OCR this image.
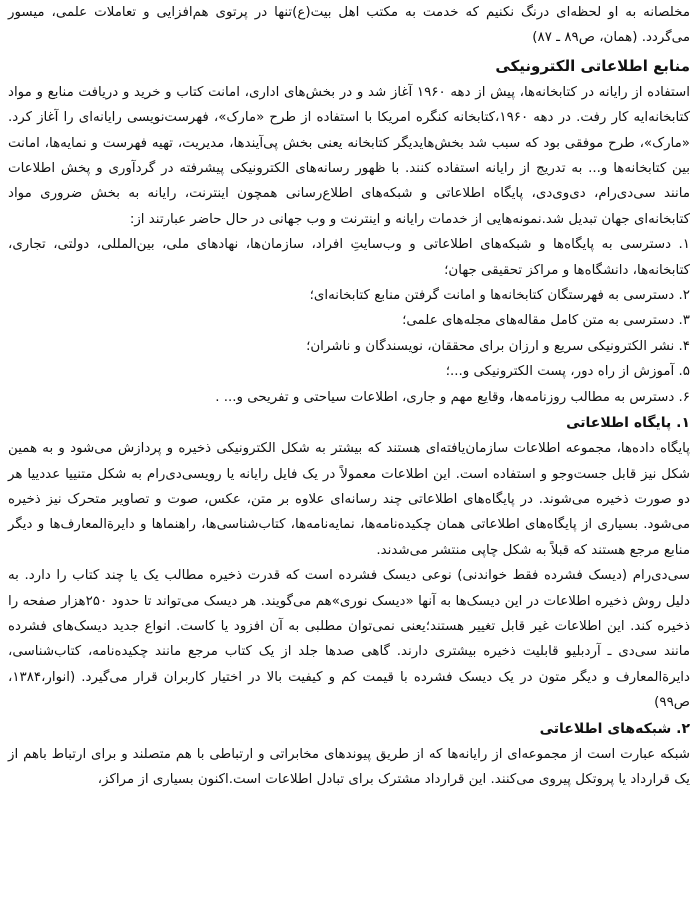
مخلصانه به او لحظه‌ای درنگ نکنیم که خدمت به مکتب اهل بیت(ع)تنها در پرتوی هم‌افزایی و تعاملات علمی، میسور می‌گردد. (همان، ص۸۹ ـ ۸۷)

منابع اطلاعاتی الکترونیکی

استفاده از رایانه در کتابخانه‌ها، پیش از دهه ۱۹۶۰ آغاز شد و در بخش‌های اداری، امانت کتاب و خرید و دریافت منابع و مواد کتابخانه‌ایه کار رفت. در دهه ۱۹۶۰،کتابخانه کنگره امریکا با استفاده از طرح «مارک»، فهرست‌نویسی رایانه‌ای را آغاز کرد. «مارک»، طرح موفقی بود که سبب شد بخش‌هایدیگر کتابخانه یعنی بخش پی‌آیندها، مدیریت، تهیه فهرست و نمایه‌ها، امانت بین کتابخانه‌ها و... به تدریج از رایانه استفاده کنند. با ظهور رسانه‌های الکترونیکی پیشرفته در گردآوری و پخش اطلاعات مانند سی‌دی‌رام، دی‌وی‌دی، پایگاه اطلاعاتی و شبکه‌های اطلاع‌رسانی همچون اینترنت، رایانه به بخش ضروری مواد کتابخانه‌ای جهان تبدیل شد.نمونه‌هایی از خدمات رایانه و اینترنت و وب جهانی در حال حاضر عبارتند از:

۱. دسترسی به پایگاه‌ها و شبکه‌های اطلاعاتی و وب‌سایتِ افراد، سازمان‌ها، نهادهای ملی، بین‌المللی، دولتی، تجاری، کتابخانه‌ها، دانشگاه‌ها و مراکز تحقیقی جهان؛
۲. دسترسی به فهرستگان کتابخانه‌ها و امانت گرفتن منابع کتابخانه‌ای؛
۳. دسترسی به متن کامل مقاله‌های مجله‌های علمی؛
۴. نشر الکترونیکی سریع و ارزان برای محققان، نویسندگان و ناشران؛
۵. آموزش از راه دور، پست الکترونیکی و...؛
۶. دسترس به مطالب روزنامه‌ها، وقایع مهم و جاری، اطلاعات سیاحتی و تفریحی و... .
۱. پایگاه اطلاعاتی

پایگاه داده‌ها، مجموعه اطلاعات سازمان‌یافته‌ای هستند که بیشتر به شکل الکترونیکی ذخیره و پردازش می‌شود و به همین شکل نیز قابل جست‌وجو و استفاده است. این اطلاعات معمولاً در یک فایل رایانه یا رویسی‌دی‌رام به شکل متنییا عددییا هر دو صورت ذخیره می‌شوند. در پایگاه‌های اطلاعاتی چند رسانه‌ای علاوه بر متن، عکس، صوت و تصاویر متحرک نیز ذخیره می‌شود. بسیاری از پایگاه‌های اطلاعاتی همان چکیده‌نامه‌ها، نمایه‌نامه‌ها، کتاب‌شناسی‌ها، راهنماها و دایرة‌المعارف‌ها و دیگر منابع مرجع هستند که قبلاً به شکل چاپی منتشر می‌شدند.

سی‌دی‌رام (دیسک فشرده فقط خواندنی) نوعی دیسک فشرده است که قدرت ذخیره مطالب یک یا چند کتاب را دارد. به دلیل روش ذخیره اطلاعات در این دیسک‌ها به آنها «دیسک نوری»هم می‌گویند. هر دیسک می‌تواند تا حدود ۲۵۰هزار صفحه را ذخیره کند. این اطلاعات غیر قابل تغییر هستند؛یعنی نمی‌توان مطلبی به آن افزود یا کاست. انواع جدید دیسک‌های فشرده مانند سی‌دی ـ آردبلیو قابلیت ذخیره بیشتری دارند. گاهی صدها جلد از یک کتاب مرجع مانند چکیده‌نامه، کتاب‌شناسی، دایرة‌المعارف و دیگر متون در یک دیسک فشرده با قیمت کم و کیفیت بالا در اختیار کاربران قرار می‌گیرد. (انوار،۱۳۸۴، ص۹۹)

۲. شبکه‌های اطلاعاتی

شبکه عبارت است از مجموعه‌ای از رایانه‌ها که از طریق پیوندهای مخابراتی و ارتباطی با هم متصلند و برای ارتباط باهم از یک قرارداد یا پروتکل پیروی می‌کنند. این قرارداد مشترک برای تبادل اطلاعات است.اکنون بسیاری از مراکز،
